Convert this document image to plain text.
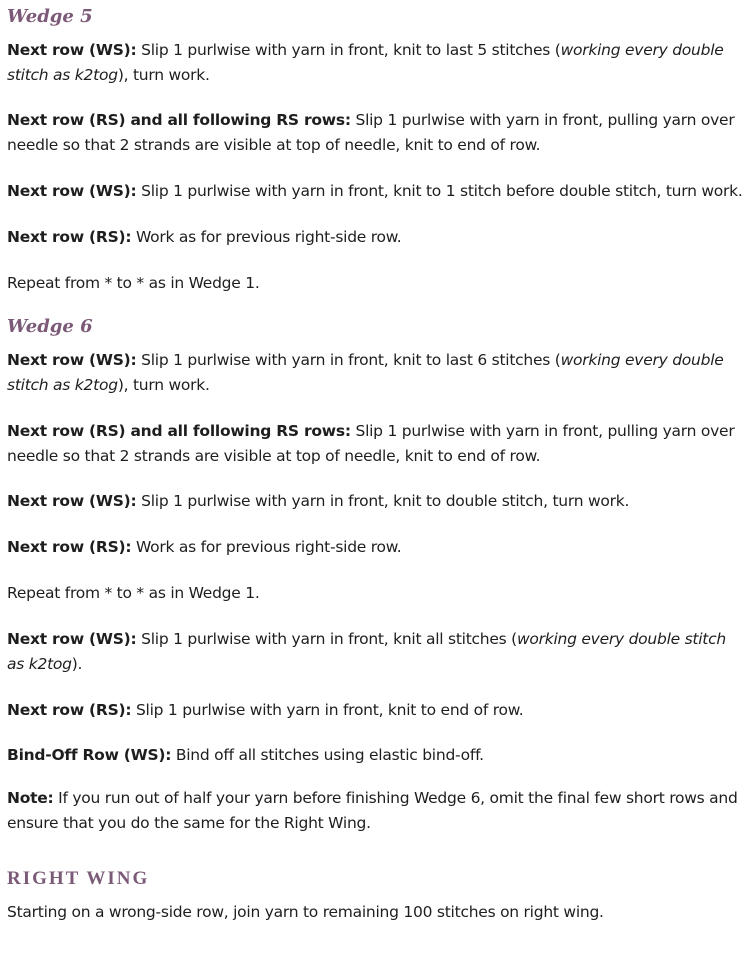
Wedge 5

Next row (WS): Slip 1 purlwise with yarn in front, knit to last 5 stitches (working every double stitch as k2tog), turn work.

Next row (RS) and all following RS rows: Slip 1 purlwise with yarn in front, pulling yarn over needle so that 2 strands are visible at top of needle, knit to end of row.

Next row (WS): Slip 1 purlwise with yarn in front, knit to 1 stitch before double stitch, turn work.

Next row (RS): Work as for previous right-side row.

Repeat from * to * as in Wedge 1.

Wedge 6

Next row (WS): Slip 1 purlwise with yarn in front, knit to last 6 stitches (working every double stitch as k2tog), turn work.

Next row (RS) and all following RS rows: Slip 1 purlwise with yarn in front, pulling yarn over needle so that 2 strands are visible at top of needle, knit to end of row.

Next row (WS): Slip 1 purlwise with yarn in front, knit to double stitch, turn work.

Next row (RS): Work as for previous right-side row.

Repeat from * to * as in Wedge 1.

Next row (WS): Slip 1 purlwise with yarn in front, knit all stitches (working every double stitch as k2tog).

Next row (RS): Slip 1 purlwise with yarn in front, knit to end of row.

Bind-Off Row (WS): Bind off all stitches using elastic bind-off.

Note: If you run out of half your yarn before finishing Wedge 6, omit the final few short rows and ensure that you do the same for the Right Wing.

RIGHT WING

Starting on a wrong-side row, join yarn to remaining 100 stitches on right wing.
